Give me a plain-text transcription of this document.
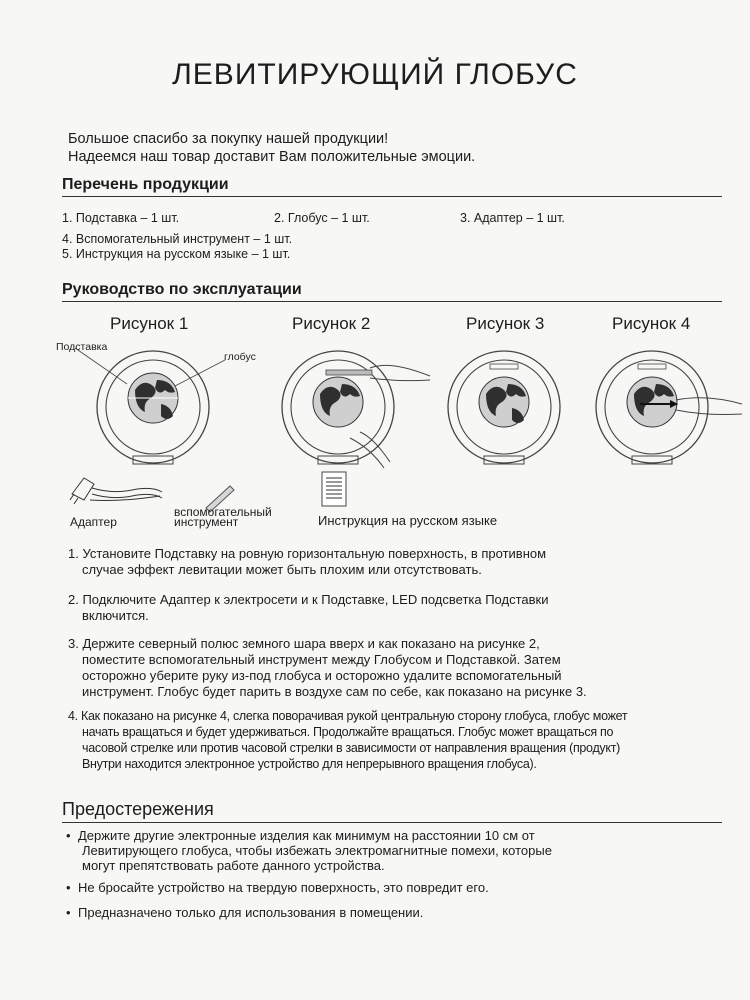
ЛЕВИТИРУЮЩИЙ ГЛОБУС
Большое спасибо за покупку нашей продукции!
Надеемся наш товар доставит Вам положительные эмоции.
Перечень продукции
1. Подставка – 1 шт.	2. Глобус – 1 шт.	3. Адаптер – 1 шт.
4. Вспомогательный инструмент – 1 шт.
5. Инструкция на русском языке – 1 шт.
Руководство по эксплуатации
Рисунок 1	Рисунок 2	Рисунок 3	Рисунок 4
Подставка
глобус
Адаптер
вспомогательный
инструмент	Инструкция на русском языке
1. Установите Подставку на ровную горизонтальную поверхность, в противном
случае эффект левитации может быть плохим или отсутствовать.
2. Подключите Адаптер к электросети и к Подставке, LED подсветка Подставки
включится.
3. Держите северный полюс земного шара вверх и как показано на рисунке 2,
поместите вспомогательный инструмент между Глобусом и Подставкой. Затем
осторожно уберите руку из-под глобуса и осторожно удалите вспомогательный
инструмент. Глобус будет парить в воздухе сам по себе, как показано на рисунке 3.
4. Как показано на рисунке 4, слегка поворачивая рукой центральную сторону глобуса, глобус может
начать вращаться и будет удерживаться. Продолжайте вращаться. Глобус может вращаться по
часовой стрелке или против часовой стрелки в зависимости от направления вращения (продукт)
Внутри находится электронное устройство для непрерывного вращения глобуса).
Предостережения
• Держите другие электронные изделия как минимум на расстоянии 10 см от
Левитирующего глобуса, чтобы избежать электромагнитные помехи, которые
могут препятствовать работе данного устройства.
• Не бросайте устройство на твердую поверхность, это повредит его.
• Предназначено только для использования в помещении.
